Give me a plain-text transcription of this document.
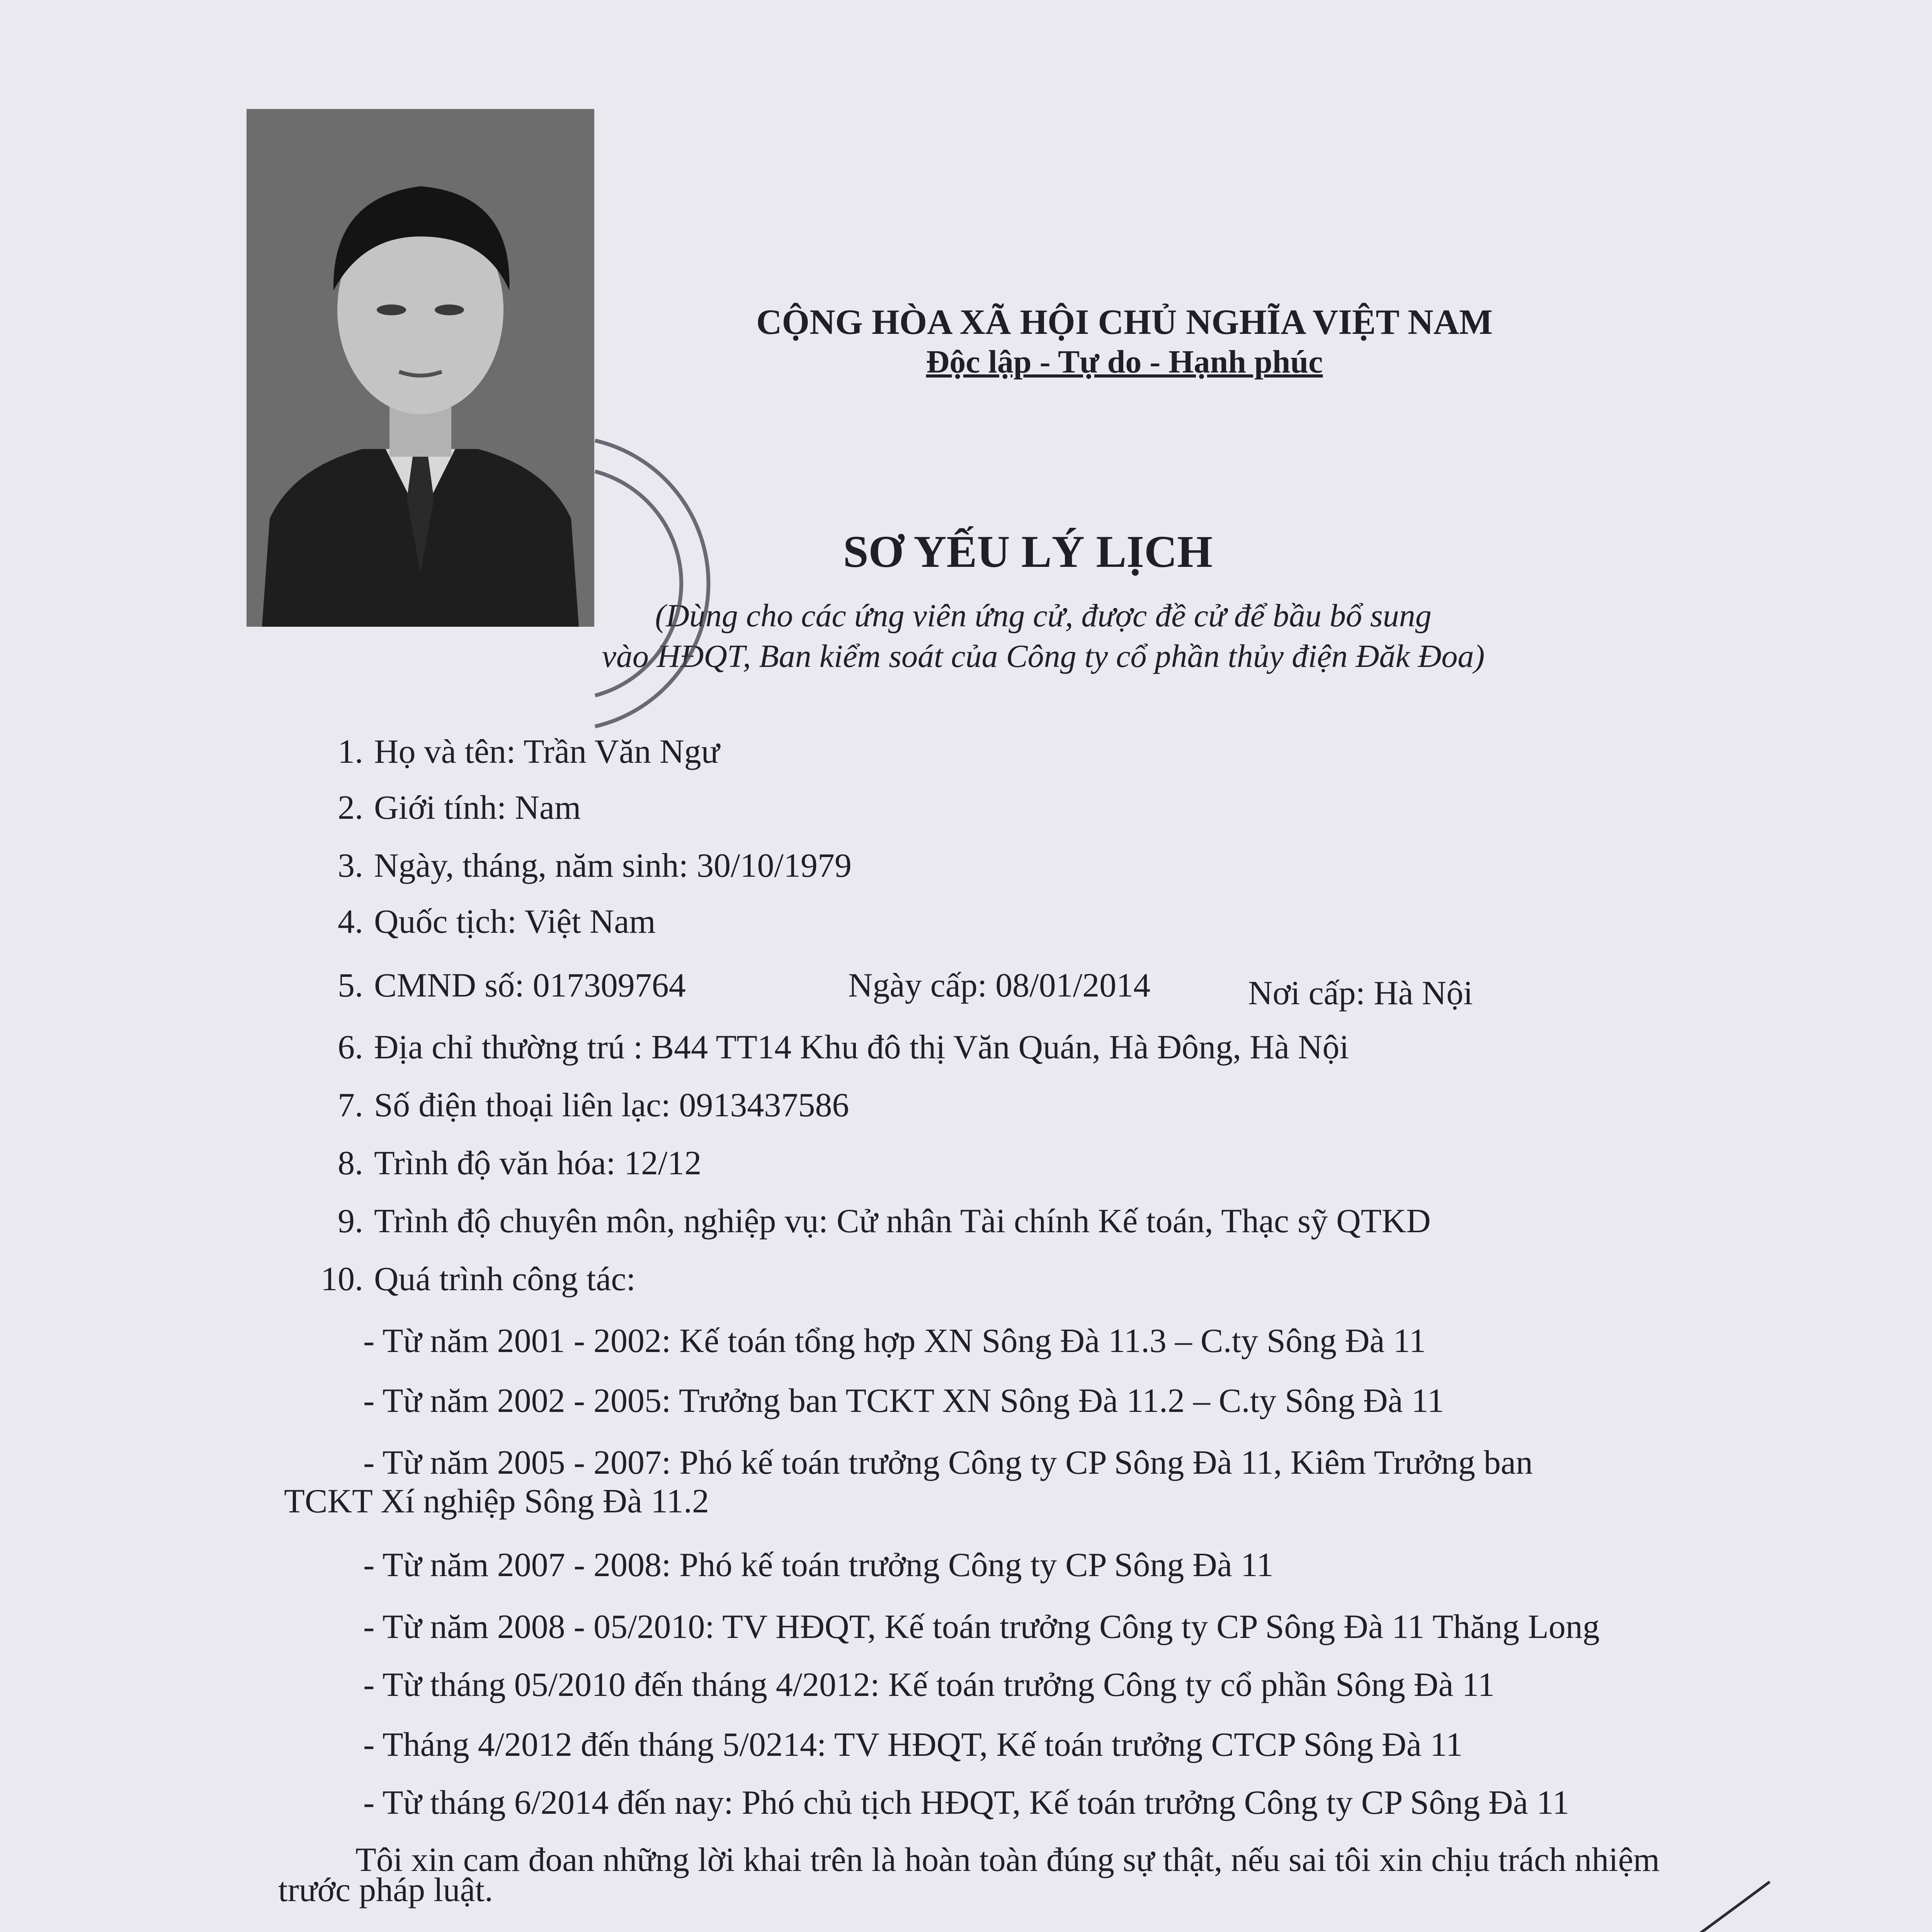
CỘNG HÒA XÃ HỘI CHỦ NGHĨA VIỆT NAM
Độc lập - Tự do - Hạnh phúc
SƠ YẾU LÝ LỊCH
(Dùng cho các ứng viên ứng cử, được đề cử để bầu bổ sung
vào HĐQT, Ban kiểm soát của Công ty cổ phần thủy điện Đăk Đoa)
1. Họ và tên: Trần Văn Ngư
2. Giới tính: Nam
3. Ngày, tháng, năm sinh: 30/10/1979
4. Quốc tịch: Việt Nam
5. CMND số: 017309764	Ngày cấp: 08/01/2014	Nơi cấp: Hà Nội
6. Địa chỉ thường trú : B44 TT14 Khu đô thị Văn Quán, Hà Đông, Hà Nội
7. Số điện thoại liên lạc: 0913437586
8. Trình độ văn hóa: 12/12
9. Trình độ chuyên môn, nghiệp vụ: Cử nhân Tài chính Kế toán, Thạc sỹ QTKD
10. Quá trình công tác:
- Từ năm 2001 - 2002: Kế toán tổng hợp XN Sông Đà 11.3 – C.ty Sông Đà 11
- Từ năm 2002 - 2005: Trưởng ban TCKT XN Sông Đà 11.2 – C.ty Sông Đà 11
- Từ năm 2005 - 2007: Phó kế toán trưởng Công ty CP Sông Đà 11, Kiêm Trưởng ban
TCKT Xí nghiệp Sông Đà 11.2
- Từ năm 2007 - 2008: Phó kế toán trưởng Công ty CP Sông Đà 11
- Từ năm 2008 - 05/2010: TV HĐQT, Kế toán trưởng Công ty CP Sông Đà 11 Thăng Long
- Từ tháng 05/2010 đến tháng 4/2012: Kế toán trưởng Công ty cổ phần Sông Đà 11
- Tháng 4/2012 đến tháng 5/0214: TV HĐQT, Kế toán trưởng CTCP Sông Đà 11
- Từ tháng 6/2014 đến nay: Phó chủ tịch HĐQT, Kế toán trưởng Công ty CP Sông Đà 11
Tôi xin cam đoan những lời khai trên là hoàn toàn đúng sự thật, nếu sai tôi xin chịu trách nhiệm trước pháp luật.
